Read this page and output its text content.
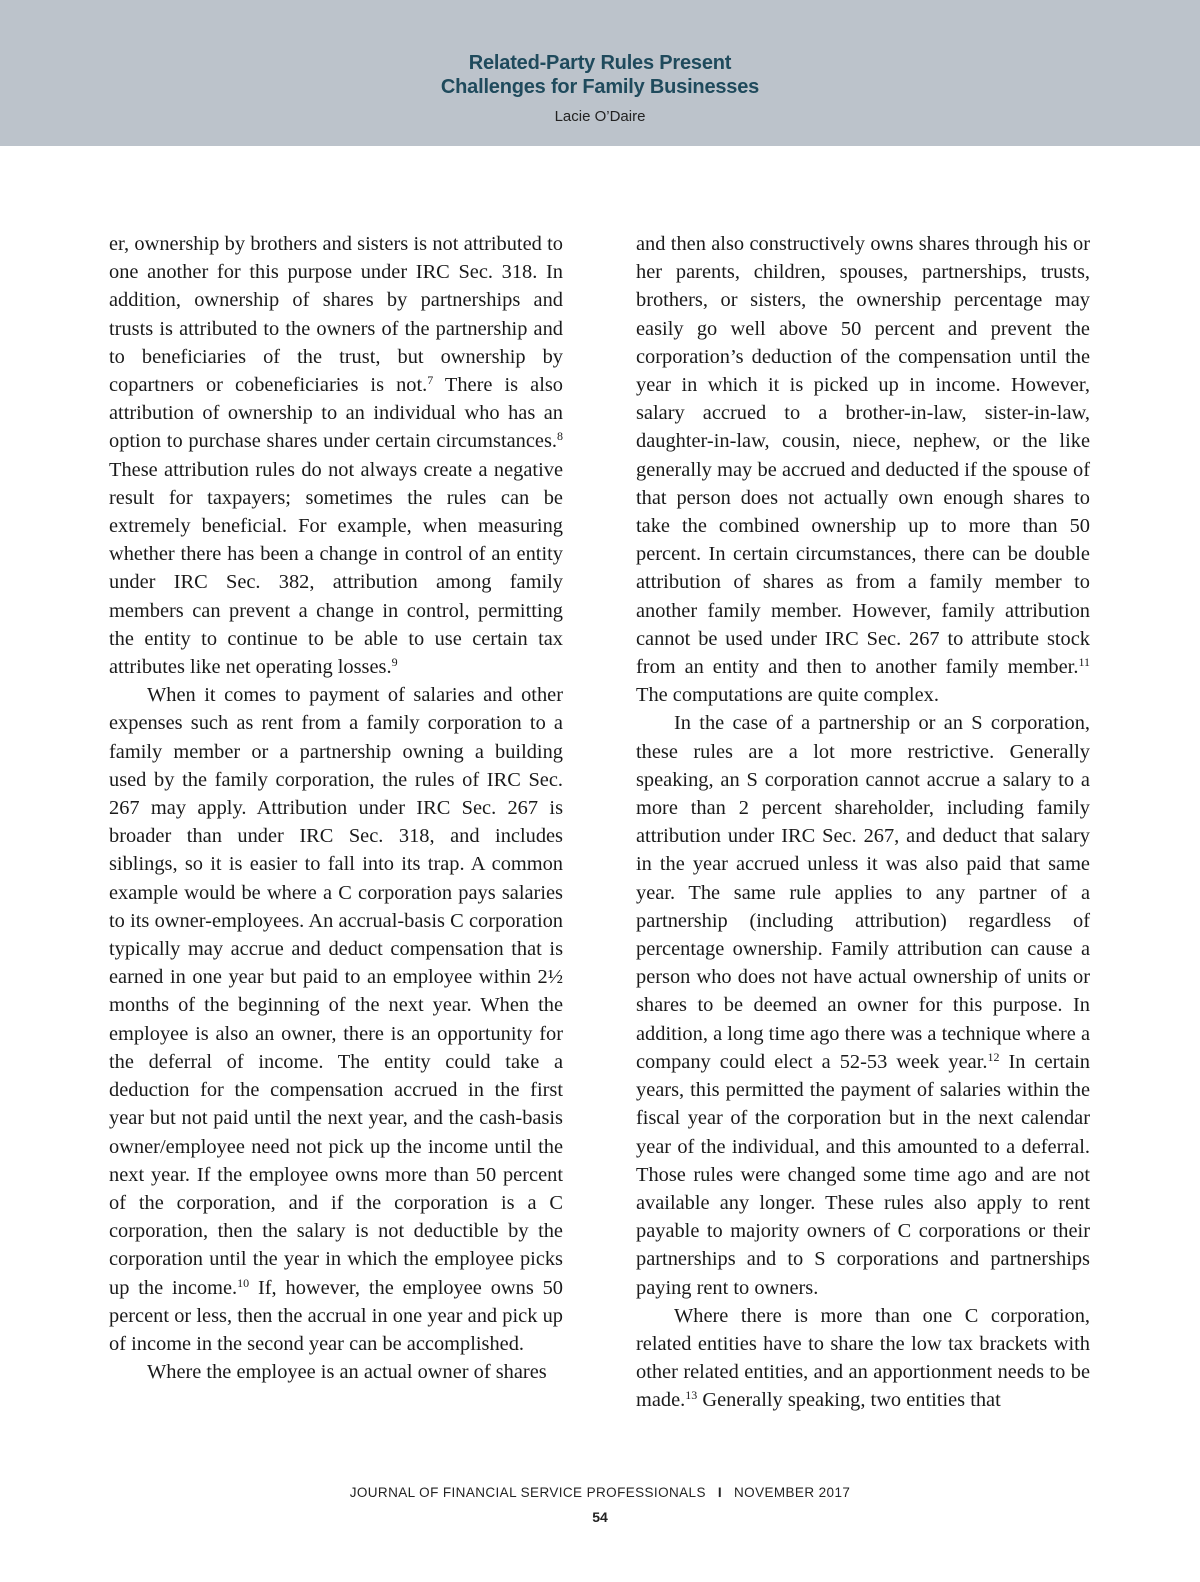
Related-Party Rules Present
Challenges for Family Businesses
Lacie O’Daire

er, ownership by brothers and sisters is not attributed to one another for this purpose under IRC Sec. 318. In addition, ownership of shares by partnerships and trusts is attributed to the owners of the partnership and to beneficiaries of the trust, but ownership by copartners or cobeneficiaries is not.$^7$ There is also attribution of ownership to an individual who has an option to purchase shares under certain circumstances.$^8$ These attribution rules do not always create a negative result for taxpayers; sometimes the rules can be extremely beneficial. For example, when measuring whether there has been a change in control of an entity under IRC Sec. 382, attribution among family members can prevent a change in control, permitting the entity to continue to be able to use certain tax attributes like net operating losses.$^9$

When it comes to payment of salaries and other expenses such as rent from a family corporation to a family member or a partnership owning a building used by the family corporation, the rules of IRC Sec. 267 may apply. Attribution under IRC Sec. 267 is broader than under IRC Sec. 318, and includes siblings, so it is easier to fall into its trap. A common example would be where a C corporation pays salaries to its owner-employees. An accrual-basis C corporation typically may accrue and deduct compensation that is earned in one year but paid to an employee within 2½ months of the beginning of the next year. When the employee is also an owner, there is an opportunity for the deferral of income. The entity could take a deduction for the compensation accrued in the first year but not paid until the next year, and the cash-basis owner/employee need not pick up the income until the next year. If the employee owns more than 50 percent of the corporation, and if the corporation is a C corporation, then the salary is not deductible by the corporation until the year in which the employee picks up the income.$^{10}$ If, however, the employee owns 50 percent or less, then the accrual in one year and pick up of income in the second year can be accomplished.

Where the employee is an actual owner of shares

and then also constructively owns shares through his or her parents, children, spouses, partnerships, trusts, brothers, or sisters, the ownership percentage may easily go well above 50 percent and prevent the corporation’s deduction of the compensation until the year in which it is picked up in income. However, salary accrued to a brother-in-law, sister-in-law, daughter-in-law, cousin, niece, nephew, or the like generally may be accrued and deducted if the spouse of that person does not actually own enough shares to take the combined ownership up to more than 50 percent. In certain circumstances, there can be double attribution of shares as from a family member to another family member. However, family attribution cannot be used under IRC Sec. 267 to attribute stock from an entity and then to another family member.$^{11}$ The computations are quite complex.

In the case of a partnership or an S corporation, these rules are a lot more restrictive. Generally speaking, an S corporation cannot accrue a salary to a more than 2 percent shareholder, including family attribution under IRC Sec. 267, and deduct that salary in the year accrued unless it was also paid that same year. The same rule applies to any partner of a partnership (including attribution) regardless of percentage ownership. Family attribution can cause a person who does not have actual ownership of units or shares to be deemed an owner for this purpose. In addition, a long time ago there was a technique where a company could elect a 52-53 week year.$^{12}$ In certain years, this permitted the payment of salaries within the fiscal year of the corporation but in the next calendar year of the individual, and this amounted to a deferral. Those rules were changed some time ago and are not available any longer. These rules also apply to rent payable to majority owners of C corporations or their partnerships and to S corporations and partnerships paying rent to owners.

Where there is more than one C corporation, related entities have to share the low tax brackets with other related entities, and an apportionment needs to be made.$^{13}$ Generally speaking, two entities that

JOURNAL OF FINANCIAL SERVICE PROFESSIONALS I NOVEMBER 2017
54
